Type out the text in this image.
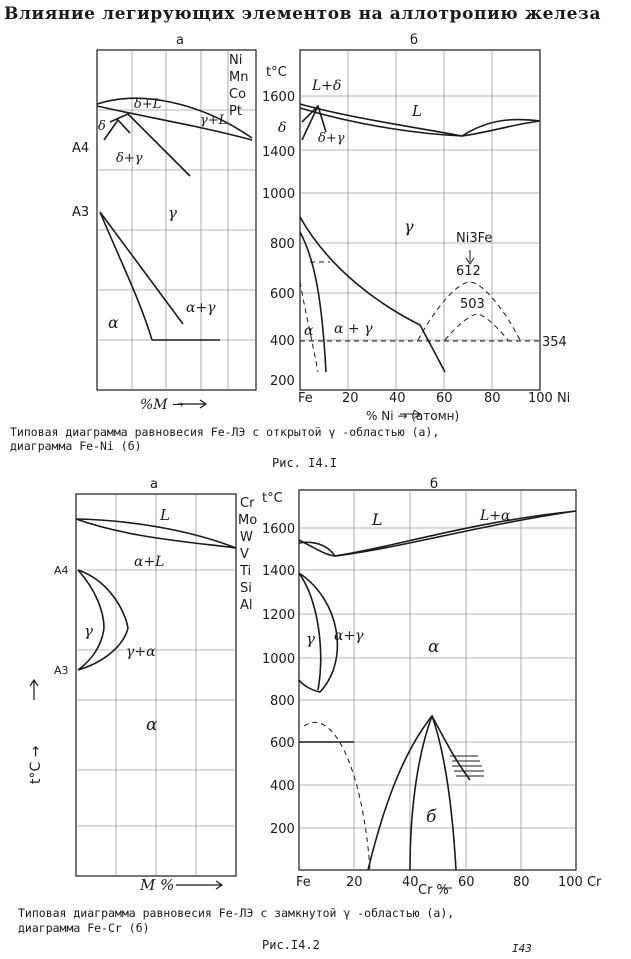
Влияние легирующих элементов на аллотропию железа
а
Ni
Mn
Co
Pt
A4
A3
δ+L
γ+L
δ
δ+γ
γ
α+γ
α
%M →
б
t°C
1600
1400
1000
800
600
400
200
Fe 20 40 60 80 100 Ni
% Ni → (атомн)
L+δ
L
δ
δ+γ
γ
α α + γ
Ni3Fe
612
503
354
а
Cr
Mo
W
V
Ti
Si
Al
A4
A3
L
α+L
γ
γ+α
α
M %
t°C →
б
t°C
1600
1400
1200
1000
800
600
400
200
Fe	20	40	60	80 100 Cr
Cr %
L	L+α
γ α+γ
α
б
Типовая диаграмма равновесия Fe-ЛЭ с открытой γ -областью (а),
диаграмма Fe-Ni (б)
Рис. I4.I
Типовая диаграмма равновесия Fe-ЛЭ с замкнутой γ -областью (а),
диаграмма Fe-Cr (б)
Рис.I4.2	I43
